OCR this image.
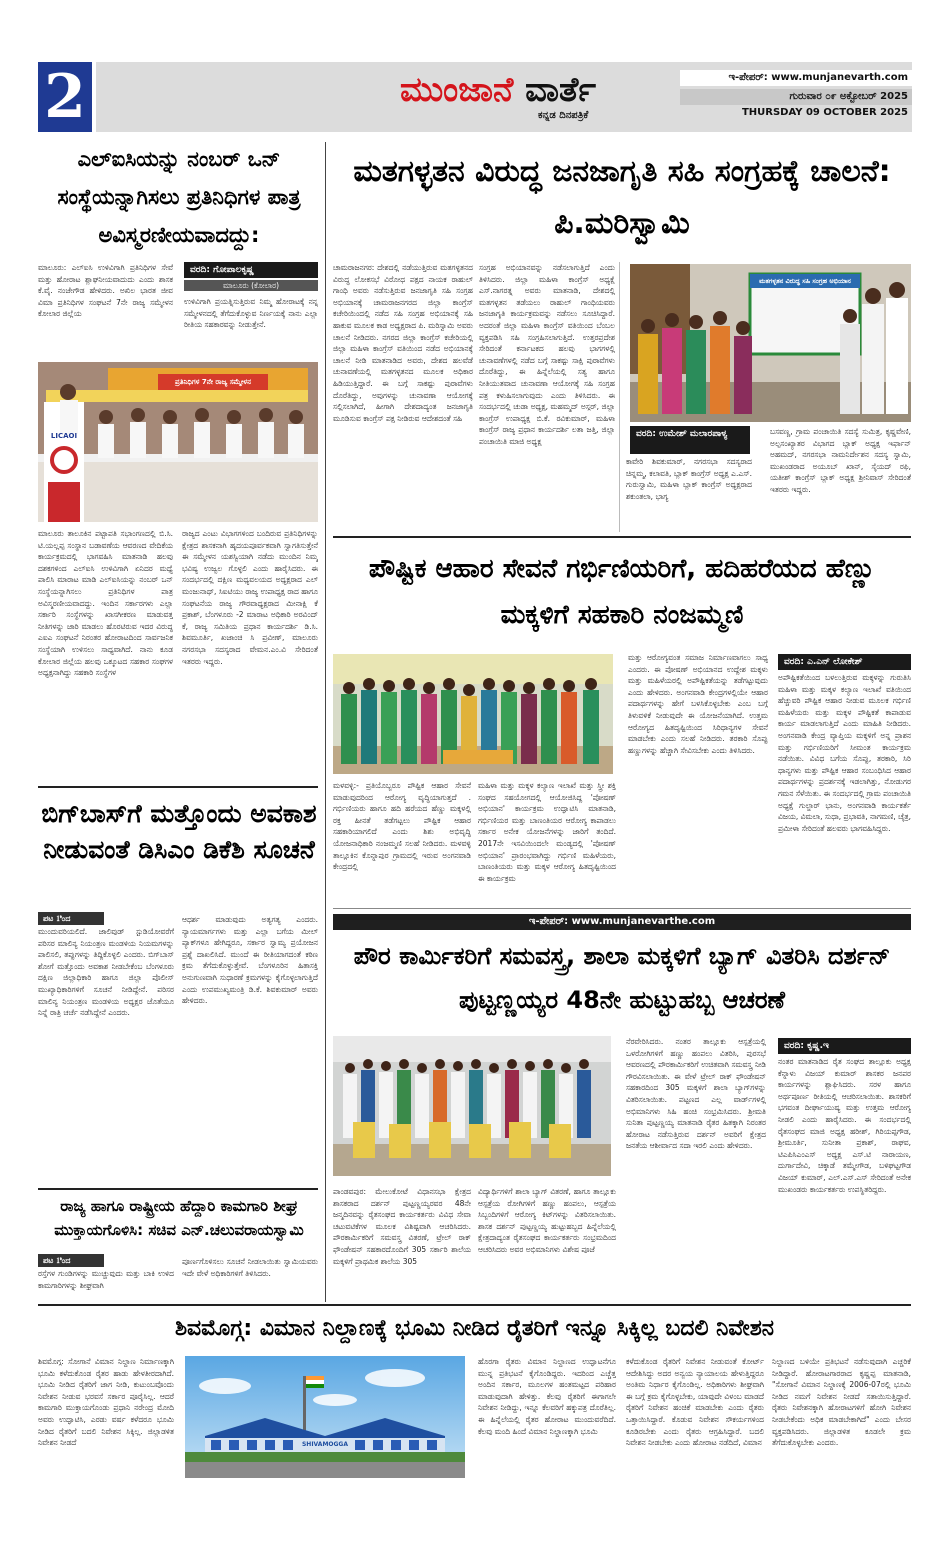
2	ಮುಂಜಾನೆ ವಾರ್ತೆ
ಕನ್ನಡ ದಿನಪತ್ರಿಕೆ
ಇ-ಪೇಪರ್: www.munjanevarth.com
ಗುರುವಾರ ೦೯ ಅಕ್ಟೋಬರ್ 2025
THURSDAY 09 OCTOBER 2025
ಎಲ್ಐಸಿಯನ್ನು ನಂಬರ್ ಒನ್ ಸಂಸ್ಥೆಯನ್ನಾಗಿಸಲು ಪ್ರತಿನಿಧಿಗಳ ಪಾತ್ರ ಅವಿಸ್ಮರಣೀಯವಾದದ್ದು:
ಮಾಲೂರು: ಎಲ್‌ಐಸಿ ಉಳಿವಿಗಾಗಿ ಪ್ರತಿನಿಧಿಗಳ ಸೇವೆ ಮತ್ತು ಹೋರಾಟ ಶ್ಲಾಘನೀಯವಾದುದು ಎಂದು ಶಾಸಕ ಕೆ.ವೈ. ನಂಜೇಗೌಡ ಹೇಳಿದರು. ಅಖಿಲ ಭಾರತ ಜೀವ ವಿಮಾ ಪ್ರತಿನಿಧಿಗಳ ಸಂಘಟನೆ 7ನೇ ರಾಜ್ಯ ಸಮ್ಮೇಳನ ಕೋಲಾರ ಜಿಲ್ಲೆಯ
ವರದಿ: ಗೋಪಾಲಕೃಷ್ಣ
ಮಾಲೂರು (ಕೋಲಾರ)
ಉಳಿವಿಗಾಗಿ ಪ್ರಯತ್ನಿಸುತ್ತಿರುವ ನಿಮ್ಮ ಹೋರಾಟಕ್ಕೆ ನನ್ನ ಸಮ್ಮೇಳನದಲ್ಲಿ ತೆಗೆದುಕೊಳ್ಳುವ ನಿರ್ಣಯಕ್ಕೆ ನಾನು ಎಲ್ಲಾ ರೀತಿಯ ಸಹಕಾರವನ್ನು ನೀಡುತ್ತೇನೆ.
ಪ್ರತಿನಿಧಿಗಳ 7ನೇ ರಾಜ್ಯ ಸಮ್ಮೇಳನ
LICAOI
ಮಾಲೂರು ತಾಲೂಕಿನ ಪಟ್ಟಾಪತಿ ಸಭಾಂಗಣದಲ್ಲಿ ಬಿ.ಸಿ. ಟಿ.ಯಲ್ಲಪ್ಪ ಸಂಸ್ಥಾನ ಬಡಾವಣೆಯ ಆವರಣದ ವೇದಿಕೆಯ ಕಾರ್ಯಕ್ರಮದಲ್ಲಿ ಭಾಗವಹಿಸಿ ಮಾತನಾಡಿ ಹಲವು ದಶಕಗಳಿಂದ ಎಲ್‌ಐಸಿ ಉಳಿವಿಗಾಗಿ ಏನಿದರ ಮಧ್ಯೆ ಪಾಲಿಸಿ ಮಾರಾಟ ಮಾಡಿ ಎಲ್‌ಐಸಿಯನ್ನು ನಂಬರ್ ಒನ್ ಸಂಸ್ಥೆಯನ್ನಾಗಿಸಲು ಪ್ರತಿನಿಧಿಗಳ ಪಾತ್ರ ಅವಿಸ್ಮರಣೀಯವಾದದ್ದು. ಇಂದಿನ ಸರ್ಕಾರಗಳು ಎಲ್ಲಾ ಸರ್ಕಾರಿ ಸಂಸ್ಥೆಗಳನ್ನು ಖಾಸಗೀಕರಣ ಮಾಡುವತ್ತ ನೀತಿಗಳನ್ನು ಜಾರಿ ಮಾಡಲು ಹೊರಟಿರುವ ಇದರ ವಿರುದ್ಧ ಎಐಎ ಸಂಘಟನೆ ನಿರಂತರ ಹೋರಾಟದಿಂದ ಸಾರ್ವಜನಿಕ ಸಂಸ್ಥೆಯಾಗಿ ಉಳಿಸಲು ಸಾಧ್ಯವಾಗಿದೆ. ನಾನು ಕೂಡ ಕೋಲಾರ ಜಿಲ್ಲೆಯ ಹಲವು ಒಕ್ಕೂಟದ ಸಹಕಾರ ಸಂಘಗಳ ಅಧ್ಯಕ್ಷನಾಗಿದ್ದು ಸಹಕಾರಿ ಸಂಸ್ಥೆಗಳ
ರಾಜ್ಯದ ಎಂಟು ವಿಭಾಗಗಳಿಂದ ಬಂದಿರುವ ಪ್ರತಿನಿಧಿಗಳನ್ನು ಕ್ಷೇತ್ರದ ಶಾಸಕನಾಗಿ ಹೃದಯಪೂರ್ವಕವಾಗಿ ಸ್ವಾಗತಿಸುತ್ತೇನೆ ಈ ಸಮ್ಮೇಳನ ಯಶಸ್ವಿಯಾಗಿ ನಡೆದು ಮುಂದಿನ ನಿಮ್ಮ ಭವಿಷ್ಯ ಉಜ್ವಲ ಗೊಳ್ಳಲಿ ಎಂದು ಹಾರೈಸಿದರು. ಈ ಸಂದರ್ಭದಲ್ಲಿ ದಕ್ಷಿಣ ಮಧ್ಯವಲಯದ ಅಧ್ಯಕ್ಷರಾದ ಎಲ್ ಮಂಜುನಾಥ್, ಸಿಐಟಿಯು ರಾಜ್ಯ ಉಪಾಧ್ಯಕ್ಷ ರಾದ ಹಾಗೂ ಸಂಘಟನೆಯ ರಾಜ್ಯ ಗೌರವಾಧ್ಯಕ್ಷರಾದ ಮೀನಾಕ್ಷಿ ಕೆ ಪ್ರಕಾಶ್, ಬೆಂಗಳೂರು -2 ಮಾರಾಟ ಅಧಿಕಾರಿ ಅರವಿಂದ್ ಕೆ, ರಾಜ್ಯ ಸಮಿತಿಯ ಪ್ರಧಾನ ಕಾರ್ಯದರ್ಶಿ ಡಿ.ಸಿ. ಶಿವಮೂರ್ತಿ, ಖಜಾಂಚಿ ಸಿ ಪ್ರವೀಣ್, ಮಾಲೂರು ನಗರಸಭಾ ಸದಸ್ಯರಾದ ವೇಮನ.ಎಂ.ವಿ ಸೇರಿದಂತೆ ಇತರರು ಇದ್ದರು.
ಬಿಗ್‌ಬಾಸ್‌ಗೆ ಮತ್ತೊಂದು ಅವಕಾಶ ನೀಡುವಂತೆ ಡಿಸಿಎಂ ಡಿಕೆಶಿ ಸೂಚನೆ
ಪಟ 1ಿಂದ
ಮುಂದುವರಿಯಲಿದೆ. ಜಾಲಿವುಡ್ ಸ್ಟುಡಿಯೋವರೆಗೆ ಪರಿಸರ ಮಾಲಿನ್ಯ ನಿಯಂತ್ರಣ ಮಂಡಳಿಯ ನಿಯಮಗಳನ್ನು ಪಾಲಿಸಲಿ, ತಪ್ಪುಗಳನ್ನು ತಿದ್ದಿಕೊಳ್ಳಲಿ ಎಂದರು. ಬಿಗ್‌ಬಾಸ್ ಶೋಗೆ ಮತ್ತೊಂದು ಅವಕಾಶ ನೀಡಬೇಕೆಂಬ ಬೆಂಗಳೂರು ದಕ್ಷಿಣ ಜಿಲ್ಲಾಧಿಕಾರಿ ಹಾಗೂ ಜಿಲ್ಲಾ ಪೊಲೀಸ್ ಮುಖ್ಯಾಧಿಕಾರಿಗಳಿಗೆ ಸೂಚನೆ ನೀಡಿದ್ದೇನೆ. ಪರಿಸರ ಮಾಲಿನ್ಯ ನಿಯಂತ್ರಣ ಮಂಡಳಿಯ ಅಧ್ಯಕ್ಷರ ಜೊತೆಯೂ ನಿನ್ನೆ ರಾತ್ರಿ ಚರ್ಚೆ ನಡೆಸಿದ್ದೇನೆ ಎಂದರು.
ಆಧರ್ಶ ಮಾಡುವುದು ಅತ್ಯಗತ್ಯ ಎಂದರು. ನ್ಯಾಯಮಾರ್ಗಗಳು ಮತ್ತು ಎಲ್ಲಾ ಬಗೆಯ ಮೀಲ್ ಪ್ಯಾಕ್‌ಗಳೂ ಹೇಗಿದ್ದರೂ, ಸರ್ಕಾರ ಸ್ವಾಮ್ಯ ಪ್ರಯೋಜನ ಪ್ರಶ್ನೆ ದಾಖಲಿಸಿದೆ. ಮುಂದೆ ಈ ರೀತಿಯಾಗದಂತೆ ಕಠಿಣ ಕ್ರಮ ತೆಗೆದುಕೊಳ್ಳುತ್ತೇವೆ. ಬೆಂಗಳೂರಿನ ಹಿತಾಸಕ್ತಿ ಅನುಗುಣವಾಗಿ ಸುಧಾರಣೆ ಕ್ರಮಗಳನ್ನು ಕೈಗೊಳ್ಳಲಾಗುತ್ತಿದೆ ಎಂದು ಉಪಮುಖ್ಯಮಂತ್ರಿ ಡಿ.ಕೆ. ಶಿವಕುಮಾರ್ ಅವರು ಹೇಳಿದರು.
ರಾಜ್ಯ ಹಾಗೂ ರಾಷ್ಟ್ರೀಯ ಹೆದ್ದಾರಿ ಕಾಮಗಾರಿ ಶೀಘ್ರ ಮುಕ್ತಾಯಗೊಳಿಸಿ: ಸಚಿವ ಎನ್.ಚಲುವರಾಯಸ್ವಾಮಿ
ಪಟ 1ಿಂದ
ರಸ್ತೆಗಳ ಗುಂಡಿಗಳನ್ನು ಮುಚ್ಚುವುದು ಮತ್ತು ಬಾಕಿ ಉಳಿದ ಕಾಮಗಾರಿಗಳನ್ನು ಶೀಘ್ರವಾಗಿ
ಪೂರ್ಣಗೊಳಿಸಲು ಸೂಚನೆ ನೀಡಲಾಯಿತು ಸ್ವಾಮಿಯವರು ಇದೇ ವೇಳೆ ಅಧಿಕಾರಿಗಳಿಗೆ ತಿಳಿಸಿದರು.
ಮತಗಳ್ಳತನ ವಿರುದ್ಧ ಜನಜಾಗೃತಿ ಸಹಿ ಸಂಗ್ರಹಕ್ಕೆ ಚಾಲನೆ: ಪಿ.ಮರಿಸ್ವಾಮಿ
ಚಾಮರಾಜನಗರ: ದೇಶದಲ್ಲಿ ನಡೆಯುತ್ತಿರುವ ಮತಗಳ್ಳತನದ ವಿರುದ್ಧ ಲೋಕಸಭೆ ವಿರೋಧ ಪಕ್ಷದ ನಾಯಕ ರಾಹುಲ್ ಗಾಂಧಿ ಅವರು ನಡೆಸುತ್ತಿರುವ ಜನಜಾಗೃತಿ ಸಹಿ ಸಂಗ್ರಹ ಅಭಿಯಾನಕ್ಕೆ ಚಾಮರಾಜನಗರದ ಜಿಲ್ಲಾ ಕಾಂಗ್ರೆಸ್ ಕಚೇರಿಯಿಂದಲ್ಲಿ ನಡೆದ ಸಹಿ ಸಂಗ್ರಹ ಅಭಿಯಾನಕ್ಕೆ ಸಹಿ ಹಾಕುವ ಮೂಲಕ ಕಾಡ ಅಧ್ಯಕ್ಷರಾದ ಪಿ. ಮರಿಸ್ವಾಮಿ ಅವರು ಚಾಲನೆ ನೀಡಿದರು. ನಗರದ ಜಿಲ್ಲಾ ಕಾಂಗ್ರೆಸ್ ಕಚೇರಿಯಲ್ಲಿ ಜಿಲ್ಲಾ ಮಹಿಳಾ ಕಾಂಗ್ರೆಸ್ ವತಿಯಿಂದ ನಡೆದ ಅಭಿಯಾನಕ್ಕೆ ಚಾಲನೆ ನೀಡಿ ಮಾತನಾಡಿದ ಅವರು, ದೇಶದ ಹಲವೆಡೆ ಚುನಾವಣೆಯಲ್ಲಿ ಮತಗಳ್ಳತನದ ಮೂಲಕ ಅಧಿಕಾರ ಹಿಡಿಯುತ್ತಿದ್ದಾರೆ. ಈ ಬಗ್ಗೆ ಸಾಕಷ್ಟು ಪುರಾವೆಗಳು ದೊರೆತಿದ್ದು, ಅವುಗಳನ್ನು ಚುನಾವಣಾ ಆಯೋಗಕ್ಕೆ ಸಲ್ಲಿಸಲಾಗಿದೆ, ಹೀಗಾಗಿ ದೇಶದಾದ್ಯಂತ ಜನಜಾಗೃತಿ ಮೂಡಿಸುವ ಕಾಂಗ್ರೆಸ್ ಪಕ್ಷ ನೀಡಿರುವ ಆದೇಶದಂತೆ ಸಹಿ
ಸಂಗ್ರಹ ಅಭಿಯಾನವನ್ನು ನಡೆಸಲಾಗುತ್ತಿದೆ ಎಂದು ತಿಳಿಸಿದರು. ಜಿಲ್ಲಾ ಮಹಿಳಾ ಕಾಂಗ್ರೆಸ್ ಅಧ್ಯಕ್ಷೆ ಎಸ್.ನಾಗರತ್ನ ಅವರು ಮಾತನಾಡಿ, ದೇಶದಲ್ಲಿ ಮತಗಳ್ಳತನ ತಡೆಯಲು ರಾಹುಲ್ ಗಾಂಧಿಯವರು ಜನಜಾಗೃತಿ ಕಾರ್ಯಕ್ರಮವನ್ನು ನಡೆಸಲು ಸೂಚಿಸಿದ್ದಾರೆ. ಅದರಂತೆ ಜಿಲ್ಲಾ ಮಹಿಳಾ ಕಾಂಗ್ರೆಸ್ ವತಿಯಿಂದ ಬೆಂಬಲ ವ್ಯಕ್ತಪಡಿಸಿ ಸಹಿ ಸಂಗ್ರಹಿಸಲಾಗುತ್ತಿದೆ. ಉತ್ತರಪ್ರದೇಶ ಸೇರಿದಂತೆ ಕರ್ನಾಟಕದ ಹಲವು ಭಾಗಗಳಲ್ಲಿ ಚುನಾವಣೆಗಳಲ್ಲಿ ನಡೆದ ಬಗ್ಗೆ ಸಾಕಷ್ಟು ಸಾಕ್ಷಿ ಪುರಾವೆಗಳು ದೊರೆತಿದ್ದು, ಈ ಹಿನ್ನೆಲೆಯಲ್ಲಿ ಸತ್ಯ ಹಾಗೂ ನೀತಿಯುತವಾದ ಚುನಾವಣಾ ಆಯೋಗಕ್ಕೆ ಸಹಿ ಸಂಗ್ರಹ ಪತ್ರ ಕಳುಹಿಸಲಾಗುವುದು ಎಂದು ತಿಳಿಸಿದರು. ಈ ಸಂದರ್ಭದಲ್ಲಿ ಚುಡಾ ಅಧ್ಯಕ್ಷ, ಮಹಮ್ಮದ್ ಅಸ್ಗರ್, ಜಿಲ್ಲಾ ಕಾಂಗ್ರೆಸ್ ಉಪಾಧ್ಯಕ್ಷ ಬಿ.ಕೆ. ರವಿಕುಮಾರ್, ಮಹಿಳಾ ಕಾಂಗ್ರೆಸ್ ರಾಜ್ಯ ಪ್ರಧಾನ ಕಾರ್ಯದರ್ಶಿ ಲತಾ ಜತ್ತಿ, ಜಿಲ್ಲಾ ಪಂಚಾಯಿತಿ ಮಾಜಿ ಅಧ್ಯಕ್ಷ
ಮತಗಳ್ಳತನ ವಿರುದ್ಧ ಸಹಿ ಸಂಗ್ರಹ ಅಭಿಯಾನ
ವರದಿ: ಉಮೇಶ್ ಮಲಾರಪಾಳ್ಯ
ಕಾವೇರಿ ಶಿವಕುಮಾರ್, ನಗರಸಭಾ ಸದಸ್ಯರಾದ ಚಿನ್ನಮ್ಮ, ಕಲಾವತಿ, ಬ್ಲಾಕ್ ಕಾಂಗ್ರೆಸ್ ಅಧ್ಯಕ್ಷ ಎ.ಎಸ್. ಗುರುಸ್ವಾಮಿ, ಮಹಿಳಾ ಬ್ಲಾಕ್ ಕಾಂಗ್ರೆಸ್ ಅಧ್ಯಕ್ಷರಾದ ಶಕುಂತಲಾ, ಭಾಗ್ಯ
ಬಸವಣ್ಣ, ಗ್ರಾಮ ಪಂಚಾಯಿತಿ ಸದಸ್ಯೆ ಸುಮಿತ್ರ, ಕೃಷ್ಣವೇಣಿ, ಅಲ್ಪಸಂಖ್ಯಾತರ ವಿಭಾಗದ ಬ್ಲಾಕ್ ಅಧ್ಯಕ್ಷ ಇರ್ಫಾನ್ ಅಹಮದ್, ನಗರಸಭಾ ನಾಮನಿರ್ದೇಶನ ಸದಸ್ಯ ಸ್ವಾಮಿ, ಮುಖಂಡರಾದ ಅಯೂಬ್ ಖಾನ್, ಸೈಯದ್ ರಫಿ, ಯತೀಶ್ ಕಾಂಗ್ರೆಸ್ ಬ್ಲಾಕ್ ಅಧ್ಯಕ್ಷ ಶ್ರೀನಿವಾಸ್ ಸೇರಿದಂತೆ ಇತರರು ಇದ್ದರು.
ಪೌಷ್ಟಿಕ ಆಹಾರ ಸೇವನೆ ಗರ್ಭಿಣಿಯರಿಗೆ, ಹದಿಹರೆಯದ ಹೆಣ್ಣು ಮಕ್ಕಳಿಗೆ ಸಹಕಾರಿ ನಂಜಮ್ಮಣಿ
ಮತ್ತು ಆರೋಗ್ಯವಂತ ಸಮಾಜ ನಿರ್ಮಾಣವಾಗಲು ಸಾಧ್ಯ ಎಂದರು. ಈ ಪೋಷಣ್ ಅಭಿಯಾನದ ಉದ್ದೇಶ ಮಕ್ಕಳು ಮತ್ತು ಮಹಿಳೆಯರಲ್ಲಿ ಅಪೌಷ್ಟಿಕತೆಯನ್ನು ತಡೆಗಟ್ಟುವುದು ಎಂದು ಹೇಳಿದರು. ಅಂಗನವಾಡಿ ಕೇಂದ್ರಗಳಲ್ಲಿಯೇ ಆಹಾರ ಪದಾರ್ಥಗಳನ್ನು ಹೇಗೆ ಬಳಸಿಕೊಳ್ಳಬೇಕು ಎಂಬ ಬಗ್ಗೆ ತಿಳುವಳಿಕೆ ನೀಡುವುದೇ ಈ ಯೋಜನೆಯಾಗಿದೆ. ಉತ್ತಮ ಆರೋಗ್ಯದ ಹಿತದೃಷ್ಟಿಯಿಂದ ಸಿರಿಧಾನ್ಯಗಳ ಸೇವನೆ ಮಾಡಬೇಕು ಎಂದು ಸಲಹೆ ನೀಡಿದರು. ತರಕಾರಿ ಸೊಪ್ಪು ಹಣ್ಣುಗಳನ್ನು ಹೆಚ್ಚಾಗಿ ಸೇವಿಸಬೇಕು ಎಂದು ತಿಳಿಸಿದರು.
ವರದಿ: ಎ.ಎನ್ ಲೋಕೇಶ್
ಅಪೌಷ್ಟಿಕತೆಯಿಂದ ಬಳಲುತ್ತಿರುವ ಮಕ್ಕಳನ್ನು ಗುರುತಿಸಿ ಮಹಿಳಾ ಮತ್ತು ಮಕ್ಕಳ ಕಲ್ಯಾಣ ಇಲಾಖೆ ವತಿಯಿಂದ ಹೆಚ್ಚುವರಿ ಪೌಷ್ಟಿಕ ಆಹಾರ ನೀಡುವ ಮೂಲಕ ಗರ್ಭಿಣಿ ಮಹಿಳೆಯರು ಮತ್ತು ಮಕ್ಕಳ ಪೌಷ್ಟಿಕತೆ ಕಾಪಾಡುವ ಕಾರ್ಯ ಮಾಡಲಾಗುತ್ತಿದೆ ಎಂದು ಮಾಹಿತಿ ನೀಡಿದರು. ಅಂಗನವಾಡಿ ಕೇಂದ್ರ ವ್ಯಾಪ್ತಿಯ ಮಕ್ಕಳಿಗೆ ಅನ್ನ ಪ್ರಾಶನ ಮತ್ತು ಗರ್ಭಿಣಿಯರಿಗೆ ಸೀಮಂತ ಕಾರ್ಯಕ್ರಮ ನಡೆಯಿತು. ವಿವಿಧ ಬಗೆಯ ಸೊಪ್ಪು, ತರಕಾರಿ, ಸಿರಿ ಧಾನ್ಯಗಳು ಮತ್ತು ಪೌಷ್ಟಿಕ ಆಹಾರ ಸಂಬಂಧಿಸಿದ ಆಹಾರ ಪದಾರ್ಥಗಳನ್ನು ಪ್ರದರ್ಶನಕ್ಕೆ ಇಡಲಾಗಿತ್ತು, ನೋಡುಗರ ಗಮನ ಸೆಳೆಯಿತು. ಈ ಸಂದರ್ಭದಲ್ಲಿ ಗ್ರಾಮ ಪಂಚಾಯಿತಿ ಅಧ್ಯಕ್ಷೆ ಗುಲ್ಜಾರ್ ಭಾನು, ಅಂಗನವಾಡಿ ಕಾರ್ಯಕರ್ತೆ ವಿಜಯ, ವಿಮಲಾ, ಸುಧಾ, ಪ್ರಭಾವತಿ, ನಾಗಮಣಿ, ಚೈತ್ರ, ಪ್ರಮೀಳಾ ಸೇರಿದಂತೆ ಹಲವರು ಭಾಗವಹಿಸಿದ್ದರು.
ಮಳವಳ್ಳಿ:- ಪ್ರತಿಯೊಬ್ಬರೂ ಪೌಷ್ಟಿಕ ಆಹಾರ ಸೇವನೆ ಮಾಡುವುದರಿಂದ ಆರೋಗ್ಯ ವೃದ್ಧಿಯಾಗುತ್ತದೆ . ಗರ್ಭಿಣಿಯರು ಹಾಗೂ ಹದಿ ಹರೆಯದ ಹೆಣ್ಣು ಮಕ್ಕಳಲ್ಲಿ ರಕ್ತ ಹೀನತೆ ತಡೆಗಟ್ಟಲು ಪೌಷ್ಟಿಕ ಆಹಾರ ಸಹಕಾರಿಯಾಗಲಿದೆ ಎಂದು ಶಿಶು ಅಭಿವೃದ್ಧಿ ಯೋಜನಾಧಿಕಾರಿ ನಂಜಮ್ಮಣಿ ಸಲಹೆ ನೀಡಿದರು. ಮಳವಳ್ಳಿ ತಾಲ್ಲೂಕಿನ ಕೊನ್ನಾಪುರ ಗ್ರಾಮದಲ್ಲಿ ಇರುವ ಅಂಗನವಾಡಿ ಕೇಂದ್ರದಲ್ಲಿ
ಮಹಿಳಾ ಮತ್ತು ಮಕ್ಕಳ ಕಲ್ಯಾಣ ಇಲಾಖೆ ಮತ್ತು ಸ್ತ್ರೀ ಶಕ್ತಿ ಸಂಘದ ಸಹಯೋಗದಲ್ಲಿ ಆಯೋಜಿಸಿದ್ದ 'ಪೋಷಣ್ ಅಭಿಯಾನ' ಕಾರ್ಯಕ್ರಮ ಉದ್ಘಾಟಿಸಿ ಮಾತನಾಡಿ, ಗರ್ಭಿಣಿಯರ ಮತ್ತು ಬಾಣಂತಿಯರ ಆರೋಗ್ಯ ಕಾಪಾಡಲು ಸರ್ಕಾರ ಅನೇಕ ಯೋಜನೆಗಳನ್ನು ಜಾರಿಗೆ ತಂದಿದೆ. 2017ನೇ ಇಸವಿಯಿಂದಲೇ ಮಂಡ್ಯದಲ್ಲಿ 'ಪೋಷಣ್ ಅಭಿಯಾನ' ಪ್ರಾರಂಭವಾಗಿದ್ದು ಗರ್ಭಿಣಿ ಮಹಿಳೆಯರು, ಬಾಣಂತಿಯರು ಮತ್ತು ಮಕ್ಕಳ ಆರೋಗ್ಯ ಹಿತದೃಷ್ಟಿಯಿಂದ ಈ ಕಾರ್ಯಕ್ರಮ
ಇ-ಪೇಪರ್: www.munjanevarthe.com
ಪೌರ ಕಾರ್ಮಿಕರಿಗೆ ಸಮವಸ್ತ್ರ, ಶಾಲಾ ಮಕ್ಕಳಿಗೆ ಬ್ಯಾಗ್ ವಿತರಿಸಿ ದರ್ಶನ್ ಪುಟ್ಟಣ್ಣಯ್ಯರ 48ನೇ ಹುಟ್ಟುಹಬ್ಬ ಆಚರಣೆ
ನೆರವೇರಿಸಿದರು. ನಂತರ ತಾಲ್ಲೂಕು ಆಸ್ಪತ್ರೆಯಲ್ಲಿ ಒಳರೋಗಿಗಳಿಗೆ ಹಣ್ಣು ಹಂಪಲು ವಿತರಿಸಿ, ಪುರಸಭೆ ಆವರಣದಲ್ಲಿ ಪೌರಕಾರ್ಮಿಕರಿಗೆ ಉಚಿತವಾಗಿ ಸಮವಸ್ತ್ರ ನೀಡಿ ಗೌರವಿಸಲಾಯಿತು. ಈ ವೇಳೆ ಟ್ರೇಲ್ ರಾಕ್ ಫೌಂಡೇಷನ್ ಸಹಕಾರದಿಂದ 305 ಮಕ್ಕಳಿಗೆ ಶಾಲಾ ಬ್ಯಾಗ್‌ಗಳನ್ನು ವಿತರಿಸಲಾಯಿತು. ಪಟ್ಟಣದ ಎಲ್ಲ ವಾರ್ಡ್‌ಗಳಲ್ಲಿ ಅಭಿಮಾನಿಗಳು ಸಿಹಿ ಹಂಚಿ ಸಂಭ್ರಮಿಸಿದರು. ಶ್ರೀಮತಿ ಸುನಿತಾ ಪುಟ್ಟಣ್ಣಯ್ಯ ಮಾತನಾಡಿ ರೈತರ ಹಿತಕ್ಕಾಗಿ ನಿರಂತರ ಹೋರಾಟ ನಡೆಸುತ್ತಿರುವ ದರ್ಶನ್ ಅವರಿಗೆ ಕ್ಷೇತ್ರದ ಜನತೆಯ ಆಶೀರ್ವಾದ ಸದಾ ಇರಲಿ ಎಂದು ಹೇಳಿದರು.
ವರದಿ: ಕೃಷ್ಣ.ಇ
ನಂತರ ಮಾತನಾಡಿದ ರೈತ ಸಂಘದ ತಾಲ್ಲೂಕು ಅಧ್ಯಕ್ಷ ಕೆನ್ನಾಳು ವಿಜಯ್ ಕುಮಾರ್ ಶಾಸಕರ ಜನಪರ ಕಾರ್ಯಗಳನ್ನು ಶ್ಲಾಘಿಸಿದರು. ಸರಳ ಹಾಗೂ ಅರ್ಥಪೂರ್ಣ ರೀತಿಯಲ್ಲಿ ಆಚರಿಸಲಾಯಿತು. ಶಾಸಕರಿಗೆ ಭಗವಂತ ದೀರ್ಘಾಯುಷ್ಯ ಮತ್ತು ಉತ್ತಮ ಆರೋಗ್ಯ ನೀಡಲಿ ಎಂದು ಹಾರೈಸಿದರು. ಈ ಸಂದರ್ಭದಲ್ಲಿ ರೈತಸಂಘದ ಮಾಜಿ ಅಧ್ಯಕ್ಷ ಹರೀಶ್, ಗಿರಿಯಪ್ಪಗೌಡ, ಶ್ರೀಮೂರ್ತಿ, ಸುನೀತಾ ಪ್ರಕಾಶ್, ರಾಘವ, ಟಿಎಪಿಸಿಎಂಎಸ್ ಅಧ್ಯಕ್ಷ ಎಸ್.ಟಿ ನಾರಾಯಣ, ದುರ್ಗಾದೇವಿ, ಚಿಕ್ಕಾಡೆ ತಮ್ಮೇಗೌಡ, ಬಳಿಘಟ್ಟಗೌಡ ವಿಜಯ್ ಕುಮಾರ್, ಎಲ್.ಎಸ್.ಎಸ್ ಸೇರಿದಂತೆ ಅನೇಕ ಮುಖಂಡರು ಕಾರ್ಯಕರ್ತರು ಉಪಸ್ಥಿತರಿದ್ದರು.
ಪಾಂಡವಪುರ: ಮೇಲುಕೋಟೆ ವಿಧಾನಸಭಾ ಕ್ಷೇತ್ರದ ಶಾಸಕರಾದ ದರ್ಶನ್ ಪುಟ್ಟಣ್ಣಯ್ಯರವರ 48ನೇ ಜನ್ಮದಿನವನ್ನು ರೈತಸಂಘದ ಕಾರ್ಯಕರ್ತರು ವಿವಿಧ ಸೇವಾ ಚಟುವಟಿಕೆಗಳ ಮೂಲಕ ವಿಶಿಷ್ಟವಾಗಿ ಆಚರಿಸಿದರು. ಪೌರಕಾರ್ಮಿಕರಿಗೆ ಸಮವಸ್ತ್ರ ವಿತರಣೆ, ಟ್ರೇಲ್ ರಾಕ್ ಫೌಂಡೇಷನ್ ಸಹಕಾರದೊಂದಿಗೆ 305 ಸರ್ಕಾರಿ ಶಾಲೆಯ ಮಕ್ಕಳಿಗೆ ಪ್ರಾಥಮಿಕ ಶಾಲೆಯ 305
ವಿದ್ಯಾರ್ಥಿಗಳಿಗೆ ಶಾಲಾ ಬ್ಯಾಗ್ ವಿತರಣೆ, ಹಾಗೂ ತಾಲ್ಲೂಕು ಆಸ್ಪತ್ರೆಯ ರೋಗಿಗಳಿಗೆ ಹಣ್ಣು ಹಂಪಲು, ಆಸ್ಪತ್ರೆಯ ಸಿಬ್ಬಂದಿಗಳಿಗೆ ಆರೋಗ್ಯ ಕಿಟ್‌ಗಳನ್ನು ವಿತರಿಸಲಾಯಿತು. ಶಾಸಕ ದರ್ಶನ್ ಪುಟ್ಟಣ್ಣಯ್ಯ ಹುಟ್ಟುಹಬ್ಬದ ಹಿನ್ನೆಲೆಯಲ್ಲಿ ಕ್ಷೇತ್ರದಾದ್ಯಂತ ರೈತಸಂಘದ ಕಾರ್ಯಕರ್ತರು ಸಂಭ್ರಮದಿಂದ ಆಚರಿಸಿದರು ಅವರ ಅಭಿಮಾನಿಗಳು ವಿಶೇಷ ಪೂಜೆ
ಶಿವಮೊಗ್ಗ: ವಿಮಾನ ನಿಲ್ದಾಣಕ್ಕೆ ಭೂಮಿ ನೀಡಿದ ರೈತರಿಗೆ ಇನ್ನೂ ಸಿಕ್ಕಿಲ್ಲ ಬದಲಿ ನಿವೇಶನ
ಶಿವಮೊಗ್ಗ: ಸೋಗಾನೆ ವಿಮಾನ ನಿಲ್ದಾಣ ನಿರ್ಮಾಣಕ್ಕಾಗಿ ಭೂಮಿ ಕಳೆದುಕೊಂಡ ರೈತರ ಹಾಡು ಹೇಳತೀರದಾಗಿದೆ. ಭೂಮಿ ನೀಡಿದ ರೈತರಿಗೆ ಜಾಗ ನೀಡಿ, ಕುಟುಂಬವೊಂದು ನಿವೇಶನ ನೀಡುವ ಭರವಸೆ ಸರ್ಕಾರ ಪೂರೈಸಿಲ್ಲ. ಆದರೆ ಕಾಮಗಾರಿ ಮುಕ್ತಾಯಗೊಂಡು ಪ್ರಧಾನಿ ನರೇಂದ್ರ ಮೋದಿ ಅವರು ಉದ್ಘಾಟಿಸಿ, ಎರಡು ವರ್ಷ ಕಳೆದರೂ ಭೂಮಿ ನೀಡಿದ ರೈತರಿಗೆ ಬದಲಿ ನಿವೇಶನ ಸಿಕ್ಕಿಲ್ಲ. ಜಿಲ್ಲಾಡಳಿತ ನಿವೇಶನ ನೀಡದೆ	SHIVAMOGGA
ಹೊರಗಾ ರೈತರು ವಿಮಾನ ನಿಲ್ದಾಣದ ಉದ್ಘಾಟನೆಗೂ ಮುನ್ನ ಪ್ರತಿಭಟನೆ ಕೈಗೊಂಡಿದ್ದರು. ಇದರಿಂದ ಎಚ್ಚೆತ್ತ ಅಂದಿನ ಸರ್ಕಾರ, ಮೂಲಗಳ ಹಂತಮಟ್ಟದ ಪರಿಹಾರ ಮಾಡುವುದಾಗಿ ಹೇಳಿತ್ತು. ಕೆಲವು ರೈತರಿಗೆ ಈಗಾಗಲೇ ನಿವೇಶನ ನೀಡಿದ್ದು, ಇನ್ನೂ ಕೆಲವರಿಗೆ ಹಕ್ಕುಪತ್ರ ದೊರೆತಿಲ್ಲ. ಈ ಹಿನ್ನೆಲೆಯಲ್ಲಿ ರೈತರ ಹೋರಾಟ ಮುಂದುವರೆದಿದೆ. ಕೆಲವು ಮಂದಿ ಹಿಂದೆ ವಿಮಾನ ನಿಲ್ದಾಣಕ್ಕಾಗಿ ಭೂಮಿ
ಕಳೆದುಕೊಂಡ ರೈತರಿಗೆ ನಿವೇಶನ ನೀಡುವಂತೆ ಕೋರ್ಟ್ ಆದೇಶಿಸಿದ್ದು ಅದರ ಅನ್ವಯ ನ್ಯಾಯಾಲಯ ಹೇಳುತ್ತಿದ್ದರೂ ಅಂತಿಮ ನಿರ್ಧಾರ ಕೈಗೊಂಡಿಲ್ಲ. ಅಧಿಕಾರಿಗಳು ಶೀಘ್ರವಾಗಿ ಈ ಬಗ್ಗೆ ಕ್ರಮ ಕೈಗೊಳ್ಳಬೇಕು, ಯಾವುದೇ ವಿಳಂಬ ಮಾಡದೆ ರೈತರಿಗೆ ನಿವೇಶನ ಹಂಚಿಕೆ ಮಾಡಬೇಕು ಎಂದು ರೈತರು ಒತ್ತಾಯಿಸಿದ್ದಾರೆ. ಕೊಡುವ ನಿವೇಶನ ಸೌಕರ್ಯಗಳಿಂದ ಕೂಡಿರಬೇಕು ಎಂದು ರೈತರು ಆಗ್ರಹಿಸಿದ್ದಾರೆ. ಬದಲಿ ನಿವೇಶನ ನೀಡಬೇಕು ಎಂದು ಹೋರಾಟ ನಡೆದಿದೆ, ವಿಮಾನ
ನಿಲ್ದಾಣದ ಬಳಿಯೇ ಪ್ರತಿಭಟನೆ ನಡೆಸುವುದಾಗಿ ಎಚ್ಚರಿಕೆ ನೀಡಿದ್ದಾರೆ. ಹೋರಾಟಗಾರರಾದ ಕೃಷ್ಣಪ್ಪ ಮಾತನಾಡಿ, "ಸೋಗಾನೆ ವಿಮಾನ ನಿಲ್ದಾಣಕ್ಕೆ 2006-07ರಲ್ಲಿ ಭೂಮಿ ನೀಡಿದ ನಮಗೆ ನಿವೇಶನ ನೀಡದೆ ಸತಾಯಿಸುತ್ತಿದ್ದಾರೆ. ರೈತರು ನಿವೇಶನಕ್ಕಾಗಿ ಹೋರಾಟಗಳಿಗೆ ಹೋಗಿ ನಿವೇಶನ ನೀಡಬೇಕೆಂದು ಅಧಿಕ ಮಾಡಬೇಕಾಗಿದೆ" ಎಂದು ಬೇಸರ ವ್ಯಕ್ತಪಡಿಸಿದರು. ಜಿಲ್ಲಾಡಳಿತ ಕೂಡಲೇ ಕ್ರಮ ತೆಗೆದುಕೊಳ್ಳಬೇಕು ಎಂದರು.
